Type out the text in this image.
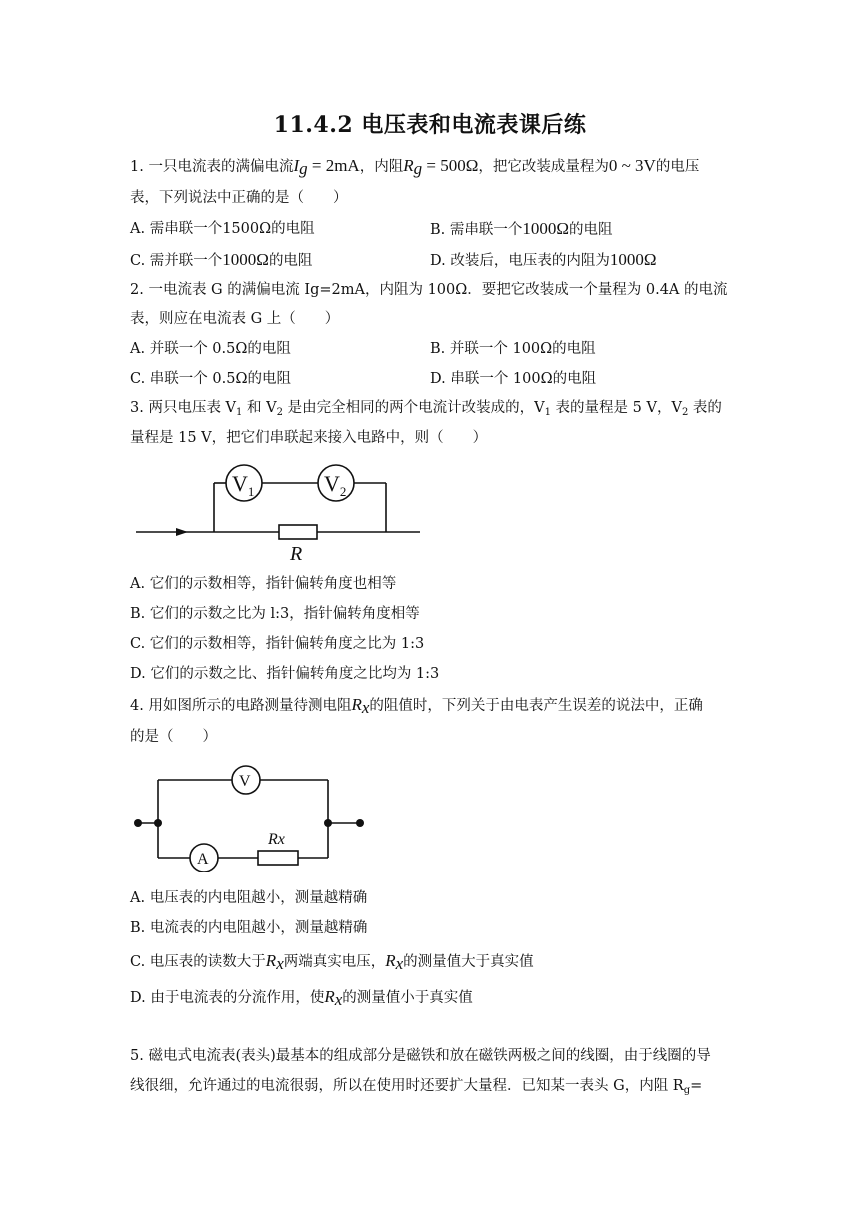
11.4.2 电压表和电流表课后练
1. 一只电流表的满偏电流$I_g = 2mA$，内阻$R_g = 500\Omega$，把它改装成量程为0 ~ 3V的电压
表，下列说法中正确的是（　　）
A. 需串联一个1500Ω的电阻	B. 需串联一个1000Ω的电阻
C. 需并联一个1000Ω的电阻	D. 改装后，电压表的内阻为1000Ω
2. 一电流表 G 的满偏电流 Ig=2mA，内阻为 100Ω．要把它改装成一个量程为 0.4A 的电流
表，则应在电流表 G 上（　　）
A. 并联一个 0.5Ω的电阻	B. 并联一个 100Ω的电阻
C. 串联一个 0.5Ω的电阻	D. 串联一个 100Ω的电阻
3. 两只电压表 $V_1$ 和 $V_2$ 是由完全相同的两个电流计改装成的，$V_1$ 表的量程是 5 V，$V_2$ 表的
量程是 15 V，把它们串联起来接入电路中，则（　　）
$V_1$	$V_2$
R
A. 它们的示数相等，指针偏转角度也相等
B. 它们的示数之比为 l:3，指针偏转角度相等
C. 它们的示数相等，指针偏转角度之比为 1:3
D. 它们的示数之比、指针偏转角度之比均为 1:3
4. 用如图所示的电路测量待测电阻$R_x$的阻值时，下列关于由电表产生误差的说法中，正确
的是（　　）
V
A
Rx
A. 电压表的内电阻越小，测量越精确
B. 电流表的内电阻越小，测量越精确
C. 电压表的读数大于$R_x$两端真实电压，$R_x$的测量值大于真实值
D. 由于电流表的分流作用，使$R_x$的测量值小于真实值
5. 磁电式电流表(表头)最基本的组成部分是磁铁和放在磁铁两极之间的线圈，由于线圈的导
线很细，允许通过的电流很弱，所以在使用时还要扩大量程．已知某一表头 G，内阻 $R_g=$
